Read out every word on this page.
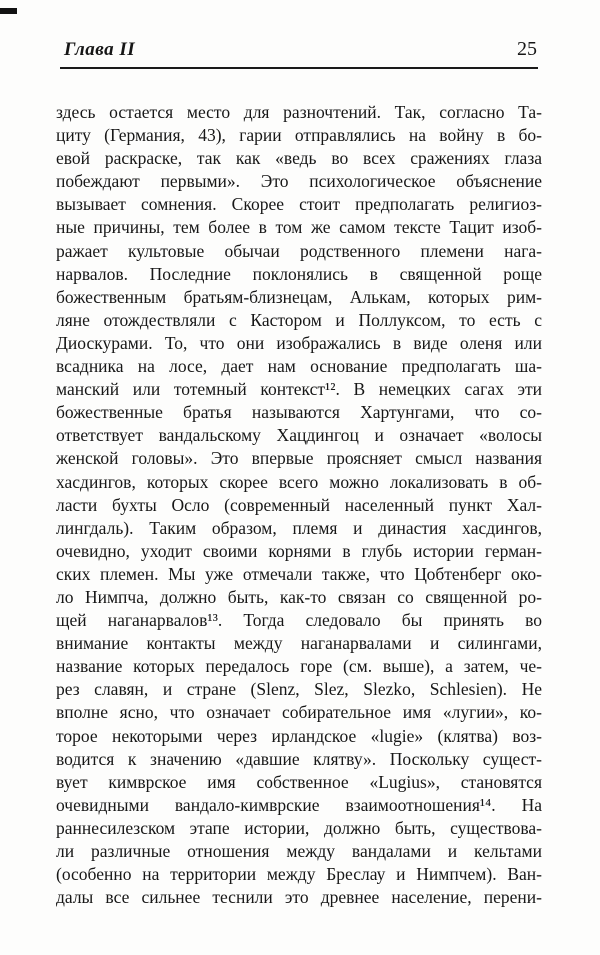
Глава II	25
здесь остается место для разночтений. Так, согласно Та-
циту (Германия, 43), гарии отправлялись на войну в бо-
евой раскраске, так как «ведь во всех сражениях глаза
побеждают первыми». Это психологическое объяснение
вызывает сомнения. Скорее стоит предполагать религиоз-
ные причины, тем более в том же самом тексте Тацит изоб-
ражает культовые обычаи родственного племени нага-
нарвалов. Последние поклонялись в священной роще
божественным братьям-близнецам, Алькам, которых рим-
ляне отождествляли с Кастором и Поллуксом, то есть с
Диоскурами. То, что они изображались в виде оленя или
всадника на лосе, дает нам основание предполагать ша-
манский или тотемный контекст¹². В немецких сагах эти
божественные братья называются Хартунгами, что со-
ответствует вандальскому Хацдингоц и означает «волосы
женской головы». Это впервые проясняет смысл названия
хасдингов, которых скорее всего можно локализовать в об-
ласти бухты Осло (современный населенный пункт Хал-
лингдаль). Таким образом, племя и династия хасдингов,
очевидно, уходит своими корнями в глубь истории герман-
ских племен. Мы уже отмечали также, что Цобтенберг око-
ло Нимпча, должно быть, как-то связан со священной ро-
щей наганарвалов¹³. Тогда следовало бы принять во
внимание контакты между наганарвалами и силингами,
название которых передалось горе (см. выше), а затем, че-
рез славян, и стране (Slenz, Slez, Slezko, Schlesien). Не
вполне ясно, что означает собирательное имя «лугии», ко-
торое некоторыми через ирландское «lugie» (клятва) воз-
водится к значению «давшие клятву». Поскольку сущест-
вует кимврское имя собственное «Lugius», становятся
очевидными вандало-кимврские взаимоотношения¹⁴. На
раннесилезском этапе истории, должно быть, существова-
ли различные отношения между вандалами и кельтами
(особенно на территории между Бреслау и Нимпчем). Ван-
далы все сильнее теснили это древнее население, перени-
